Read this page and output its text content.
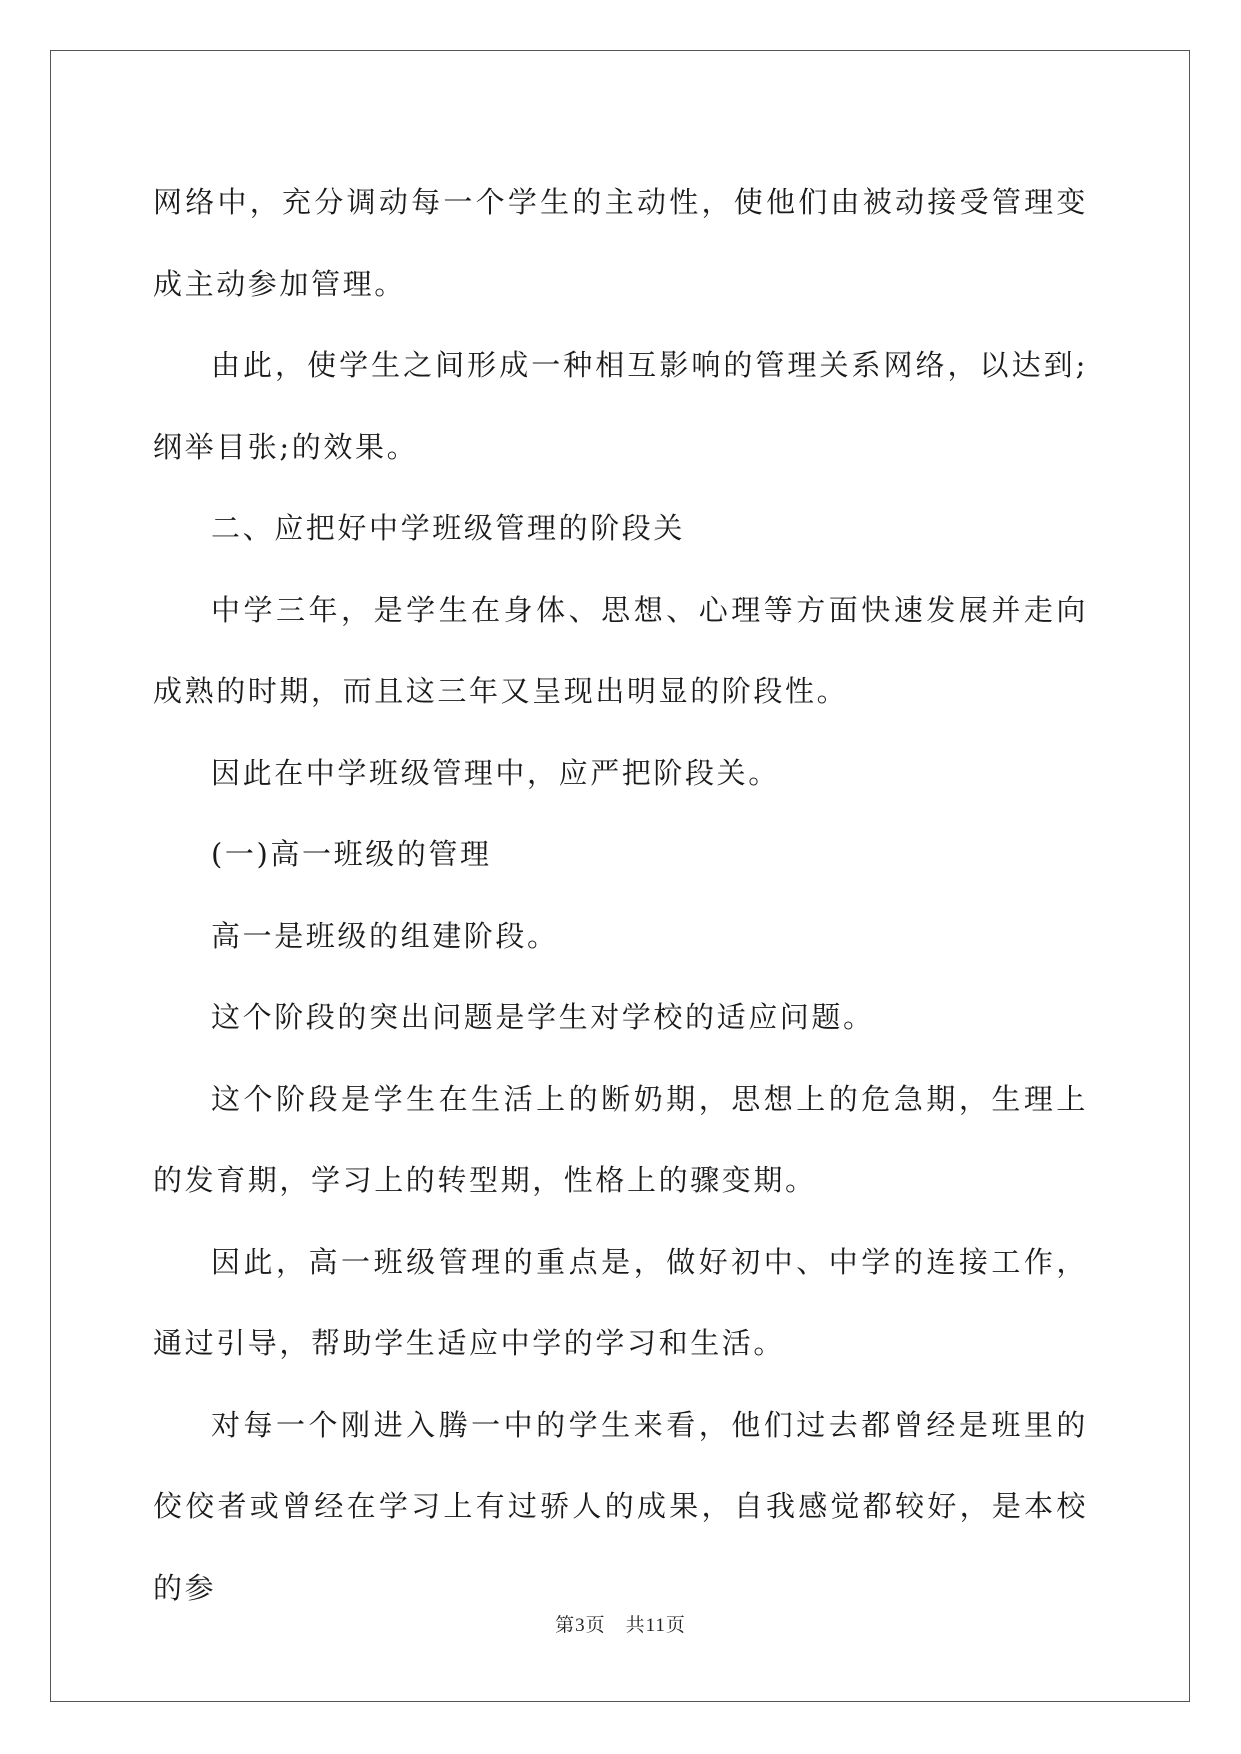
网络中，充分调动每一个学生的主动性，使他们由被动接受管理变成主动参加管理。

由此，使学生之间形成一种相互影响的管理关系网络，以达到;纲举目张;的效果。

二、应把好中学班级管理的阶段关

中学三年，是学生在身体、思想、心理等方面快速发展并走向成熟的时期，而且这三年又呈现出明显的阶段性。

因此在中学班级管理中，应严把阶段关。

(一)高一班级的管理

高一是班级的组建阶段。

这个阶段的突出问题是学生对学校的适应问题。

这个阶段是学生在生活上的断奶期，思想上的危急期，生理上的发育期，学习上的转型期，性格上的骤变期。

因此，高一班级管理的重点是，做好初中、中学的连接工作，通过引导，帮助学生适应中学的学习和生活。

对每一个刚进入腾一中的学生来看，他们过去都曾经是班里的佼佼者或曾经在学习上有过骄人的成果，自我感觉都较好，是本校的参

第3页　共11页
